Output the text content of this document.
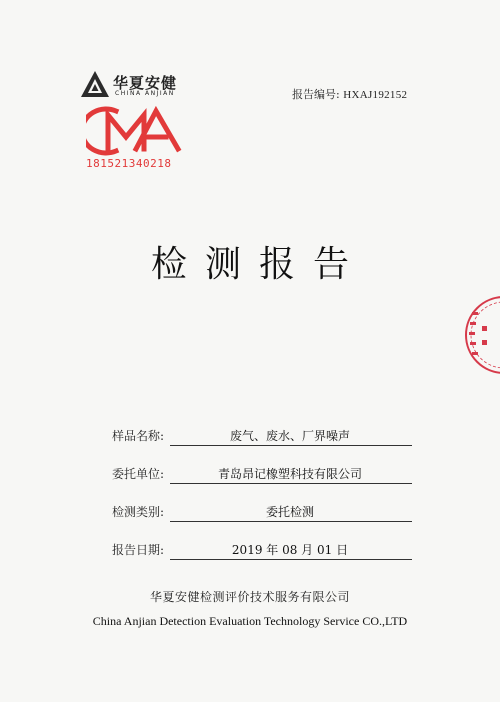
华夏安健
CHINA ANJIAN
181521340218
报告编号: HXAJ192152
检测报告
样品名称:	废气、废水、厂界噪声
委托单位:	青岛昂记橡塑科技有限公司
检测类别:	委托检测
报告日期:	2019 年 08 月 01 日
华夏安健检测评价技术服务有限公司
China Anjian Detection Evaluation Technology Service CO.,LTD
